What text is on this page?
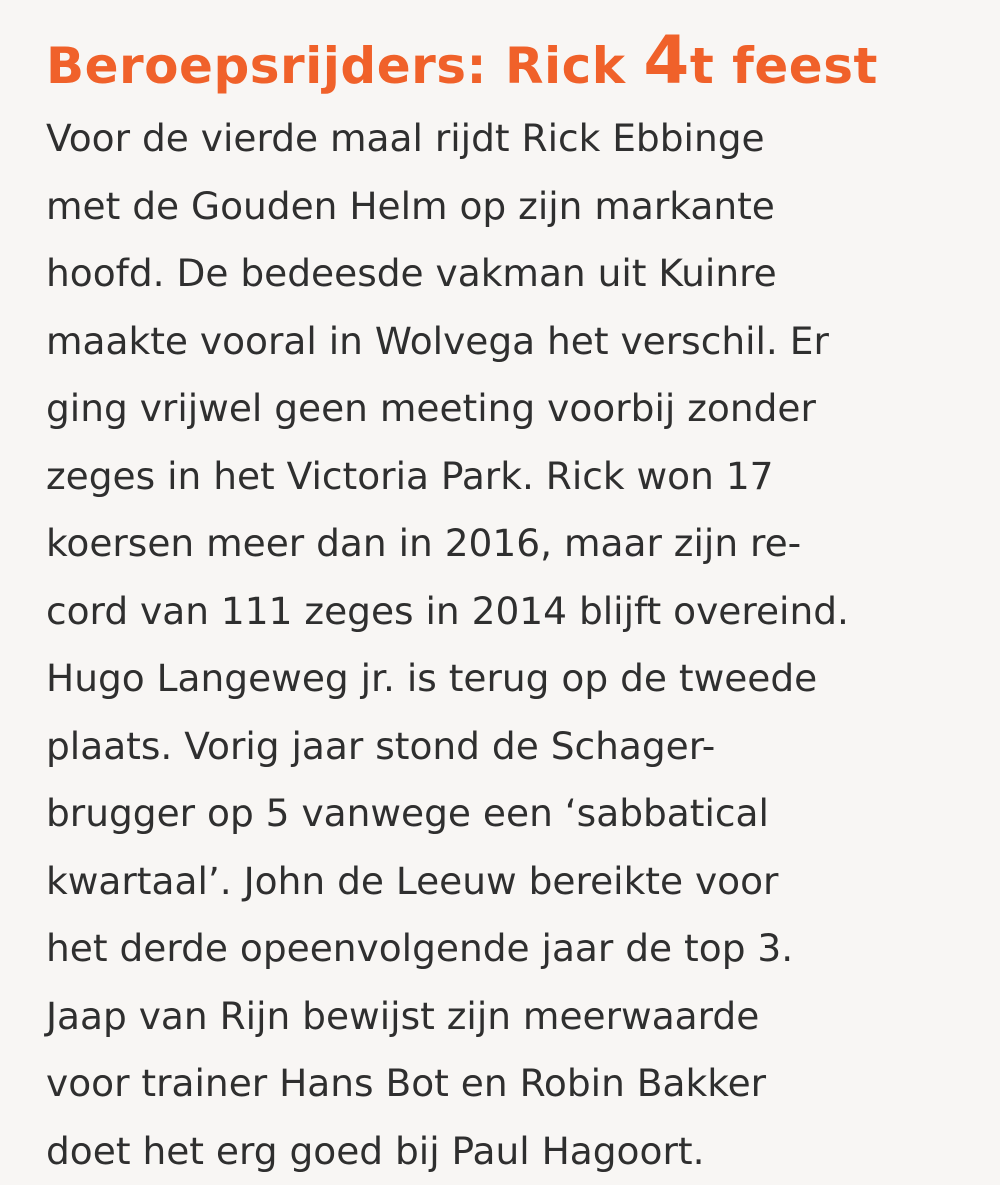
Beroepsrijders: Rick 4t feest

Voor de vierde maal rijdt Rick Ebbinge
met de Gouden Helm op zijn markante
hoofd. De bedeesde vakman uit Kuinre
maakte vooral in Wolvega het verschil. Er
ging vrijwel geen meeting voorbij zonder
zeges in het Victoria Park. Rick won 17
koersen meer dan in 2016, maar zijn re-
cord van 111 zeges in 2014 blijft overeind.
Hugo Langeweg jr. is terug op de tweede
plaats. Vorig jaar stond de Schager-
brugger op 5 vanwege een ‘sabbatical
kwartaal’. John de Leeuw bereikte voor
het derde opeenvolgende jaar de top 3.
Jaap van Rijn bewijst zijn meerwaarde
voor trainer Hans Bot en Robin Bakker
doet het erg goed bij Paul Hagoort.
